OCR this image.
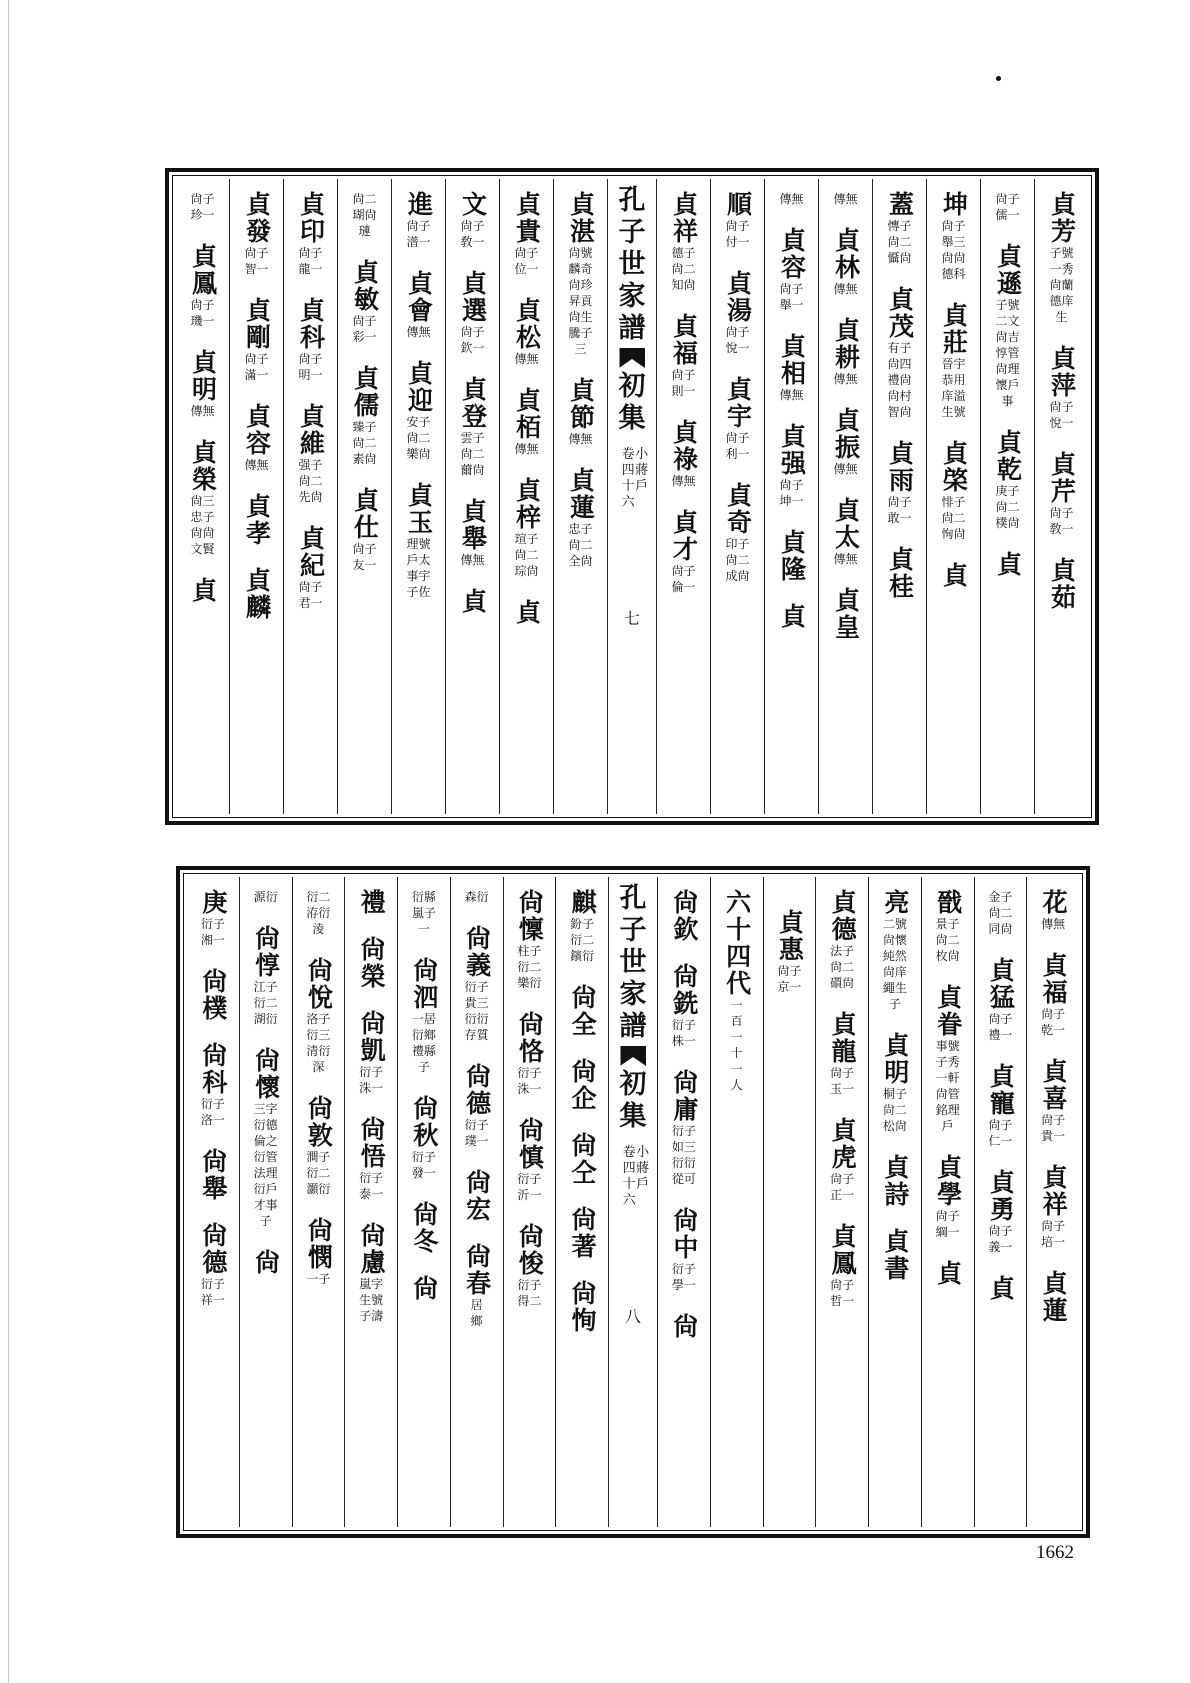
貞芳
子號一秀
尙蘭
德庠
生
貞萍
尙子
悅一
貞芹
尙子
敎一
貞茹
尙子
儒一
貞遜
子號
二文
尙吉
惇管
尙理
懷戶
事
貞乾
庚子
尙二
樸尙
貞
坤
尙子
舉三
尙尙
德科
貞莊
晉宇
恭用
庠溢
生號
貞棨
悱子
尙二
恂尙
貞
蓋
慱子
尙二
懾尙
貞茂
有子
尙四
禮尙
尙村
智尙
貞雨
尙子
敢一
貞桂
傳無
貞林
傳無
貞耕
傳無
貞振
傳無
貞太
傳無
貞皇
傳無
貞容
尙子
舉一
貞相
傳無
貞强
尙子
坤一
貞隆
貞
順
尙子
付一
貞湯
尙子
悅一
貞宇
尙子
利一
貞奇
印子
尙二
成尙
貞祥
德子
尙二
知尙
貞福
尙子
則一
貞祿
傳無
貞才
尙子
倫一
孔
子
世
家
譜
初
集
卷
四
十
六
小
蔣
戶
七
貞湛
尙號
麟奇
尙珍
昇貢
尙生
騰子
三
貞節
傳無
貞蓮
忠子
尙二
全尙
貞貴
尙子
位一
貞松
傳無
貞栢
傳無
貞梓
瑄子
尙二
琮尙
貞
文
尙子
敎一
貞選
尙子
欽一
貞登
雲子
尙二
薾尙
貞舉
傳無
貞
進
尙子
潽一
貞會
傳無
貞迎
安子
尙二
樂尙
貞玉
理號
戶太
事宇
子佐
尙二
瑚尙
璉
貞敏
尙子
彩一
貞儒
臻子
尙二
素尙
貞仕
尙子
友一
貞印
尙子
龍一
貞科
尙子
明一
貞維
强子
尙二
先尙
貞紀
尙子
君一
貞發
尙子
智一
貞剛
尙子
滿一
貞容
傳無
貞孝
貞麟
尙子
珍一
貞鳳
尙子
璣一
貞明
傳無
貞榮
尙三
忠子
尙尙
文賢
貞
花
傳無
貞福
尙子
乾一
貞喜
尙子
貴一
貞祥
尙子
培一
貞蓮
金子
尙二
同尙
貞猛
尙子
禮一
貞寵
尙子
仁一
貞勇
尙子
義一
貞
戩
景子
尙二
枚尙
貞眷
事號
子秀
一軒
尙管
銘理
戶
貞學
尙子
綱一
貞
亮
二號
尙懷
純然
尙庠
繩生
子
貞明
桐子
尙二
松尙
貞詩
貞書
貞德
法子
尙二
礩尙
貞龍
尙子
玉一
貞虎
尙子
正一
貞鳳
尙子
哲一
貞惠
尙子
京一
六十四代
一
百
一
十
一
人
尙欽
尙銑
衍子
株一
尙庸
衍子
如三
衍衍
從可
尙中
衍子
學一
尙
孔
子
世
家
譜
初
集
卷
四
十
六
小
蔣
戶
八
麒
鈖子
衍二
鑌衍
尙全
尙企
尙仝
尙著
尙恂
尙懍
柱子
衍二
樂衍
尙恪
衍子
洙一
尙慎
衍子
沂一
尙悛
衍子
得二
森衍
尙義
衍子
貴三
衍衍
存質
尙德
衍子
璞一
尙宏
尙春
居
鄉
衍縣
嵐子
一
尙泗
一居
衍鄉
禮縣
子
尙秋
衍子
發一
尙冬
尙
禮
尙榮
尙凱
衍子
洙一
尙悟
衍子
泰一
尙慮
嵐字
生號
子濤
衍二
洊衍
淩
尙悅
洛子
衍三
清衍
深
尙敦
澗子
衍二
灝衍
尙憫
一子
源衍
尙惇
江子
衍二
湖衍
尙懷
三字
衍德
倫之
衍管
法理
衍戶
才事
子
尙
庚
衍子
湘一
尙樸
尙科
衍子
洛一
尙舉
尙德
衍子
祥一
1662
